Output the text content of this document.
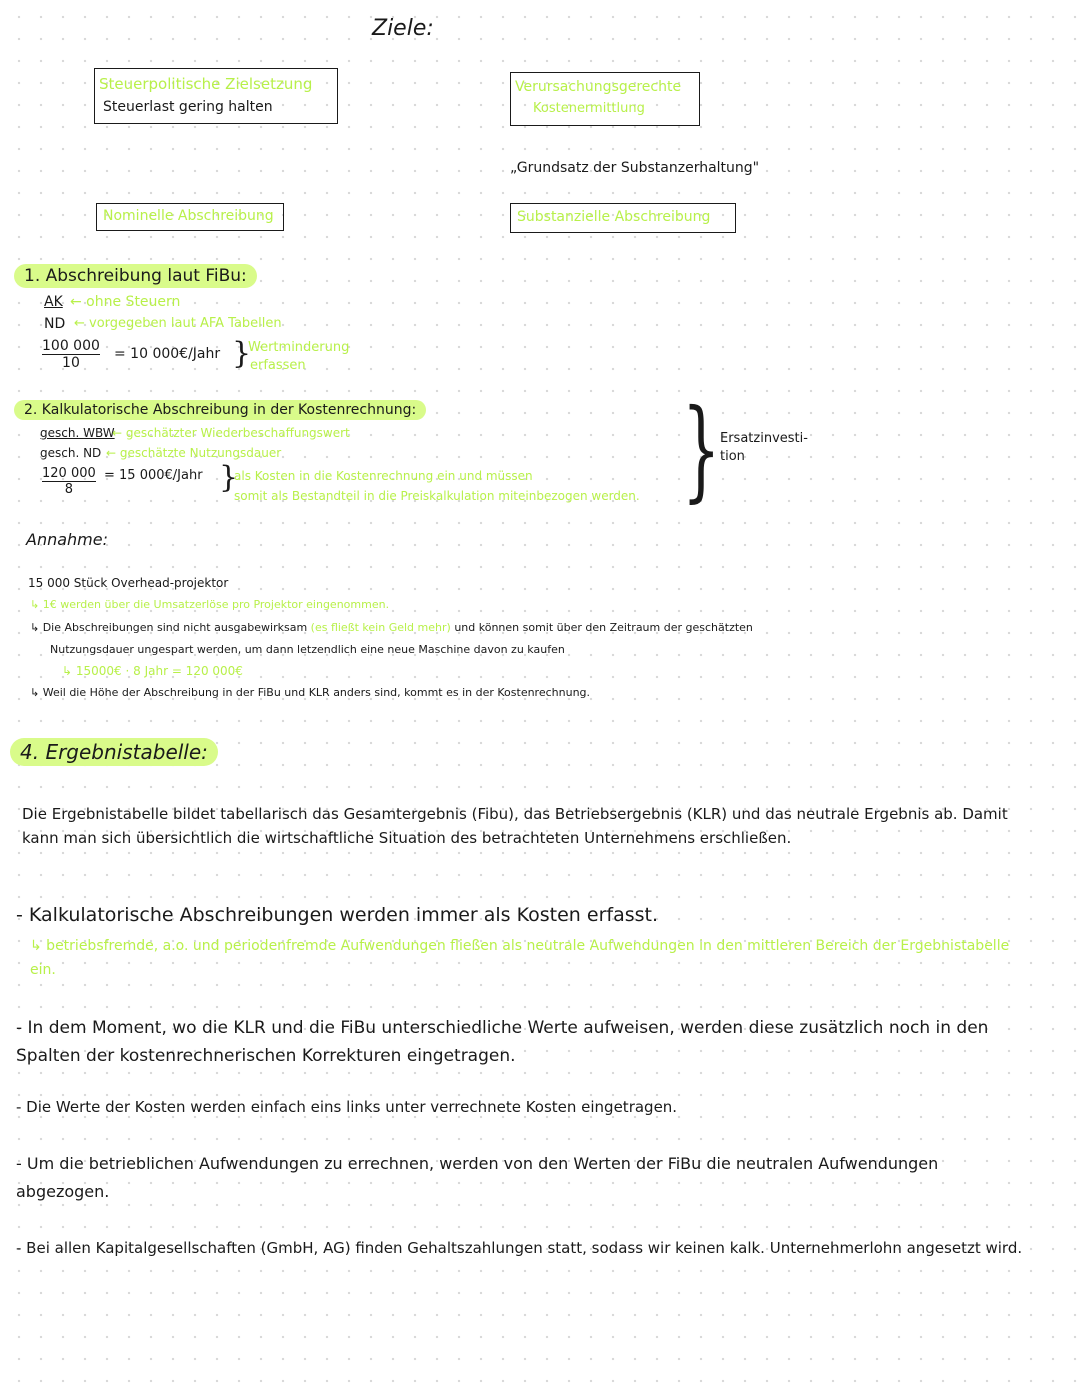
Ziele:
Steuerpolitische Zielsetzung
Steuerlast gering halten
Verursachungsgerechte
Kostenermittlung
„Grundsatz der Substanzerhaltung"
Nominelle Abschreibung	Substanzielle Abschreibung
1. Abschreibung laut FiBu:
AK ← ohne Steuern
ND ← vorgegeben laut AFA Tabellen
100 000
10
= 10 000€/Jahr }
Wertminderung
erfassen
2. Kalkulatorische Abschreibung in der Kostenrechnung:
gesch. WBW
← geschätzter Wiederbeschaffungswert
gesch. ND ← geschätzte Nutzungsdauer
120 000
8
= 15 000€/Jahr }
als Kosten in die Kostenrechnung ein und müssen
somit als Bestandteil in die Preiskalkulation miteinbezogen werden. } Ersatzinvesti-
tion
Annahme:
15 000 Stück Overhead-projektor
↳ 1€ werden über die Umsatzerlöse pro Projektor eingenommen.
↳ Die Abschreibungen sind nicht ausgabewirksam (es fließt kein Geld mehr) und können somit über den Zeitraum der geschätzten
Nutzungsdauer ungespart werden, um dann letzendlich eine neue Maschine davon zu kaufen
↳ 15000€ · 8 Jahr = 120 000€
↳ Weil die Höhe der Abschreibung in der FiBu und KLR anders sind, kommt es in der Kostenrechnung.
4. Ergebnistabelle:
Die Ergebnistabelle bildet tabellarisch das Gesamtergebnis (Fibu), das Betriebsergebnis (KLR) und das neutrale Ergebnis ab. Damit kann man sich übersichtlich die wirtschaftliche Situation des betrachteten Unternehmens erschließen.
- Kalkulatorische Abschreibungen werden immer als Kosten erfasst.
↳ betriebsfremde, a.o. und periodenfremde Aufwendungen fließen als neutrale Aufwendungen in den mittleren Bereich der Ergebnistabelle ein.
- In dem Moment, wo die KLR und die FiBu unterschiedliche Werte aufweisen, werden diese zusätzlich noch in den Spalten der kostenrechnerischen Korrekturen eingetragen.
- Die Werte der Kosten werden einfach eins links unter verrechnete Kosten eingetragen.
- Um die betrieblichen Aufwendungen zu errechnen, werden von den Werten der FiBu die neutralen Aufwendungen abgezogen.
- Bei allen Kapitalgesellschaften (GmbH, AG) finden Gehaltszahlungen statt, sodass wir keinen kalk. Unternehmerlohn angesetzt wird.
